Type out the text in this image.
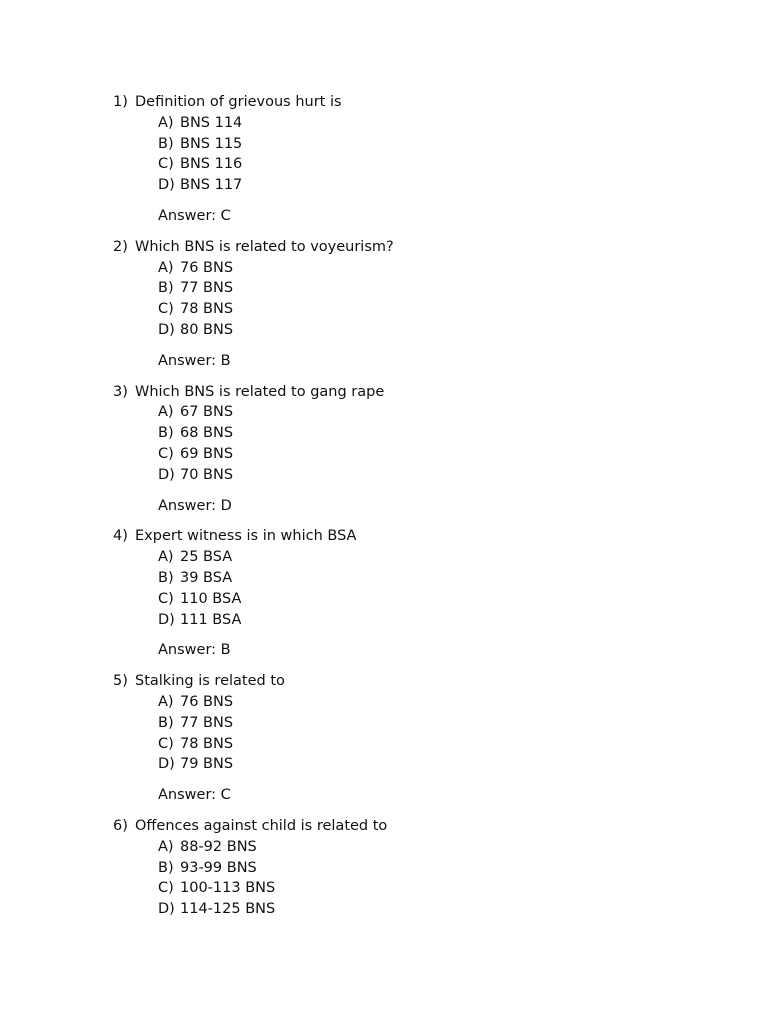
1) Definition of grievous hurt is
A) BNS 114
B) BNS 115
C) BNS 116
D) BNS 117
Answer: C
2) Which BNS is related to voyeurism?
A) 76 BNS
B) 77 BNS
C) 78 BNS
D) 80 BNS
Answer: B
3) Which BNS is related to gang rape
A) 67 BNS
B) 68 BNS
C) 69 BNS
D) 70 BNS
Answer: D
4) Expert witness is in which BSA
A) 25 BSA
B) 39 BSA
C) 110 BSA
D) 111 BSA
Answer: B
5) Stalking is related to
A) 76 BNS
B) 77 BNS
C) 78 BNS
D) 79 BNS
Answer: C
6) Offences against child is related to
A) 88-92 BNS
B) 93-99 BNS
C) 100-113 BNS
D) 114-125 BNS
